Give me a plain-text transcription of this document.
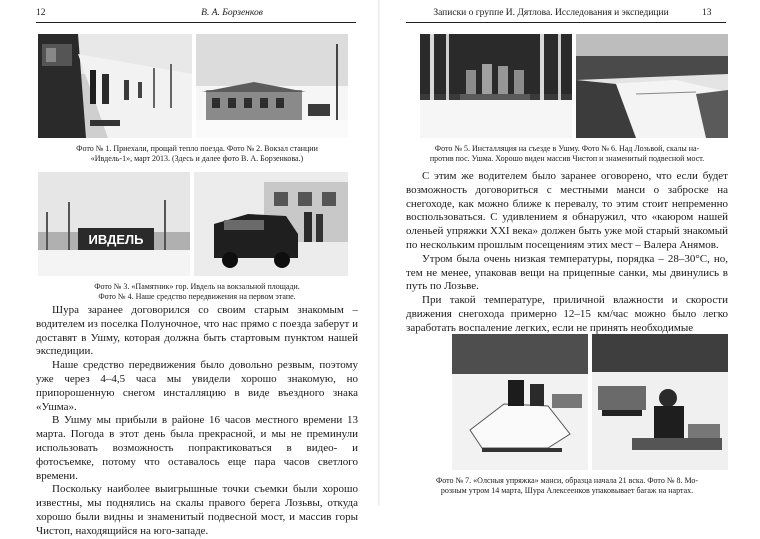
12	В. А. Борзенков
Фото № 1. Приехали, прощай тепло поезда. Фото № 2. Вокзал станции
«Ивдель-1», март 2013. (Здесь и далее фото В. А. Борзенкова.)
ИВДЕЛЬ
Фото № 3. «Памятник» гор. Ивдель на вокзальной площади.
Фото № 4. Наше средство передвижения на первом этапе.

Шура заранее договорился со своим старым знакомым – водителем из поселка Полуночное, что нас прямо с поезда заберут и доставят в Ушму, которая должна быть стартовым пунктом нашей экспедиции.

Наше средство передвижения было довольно резвым, поэтому уже через 4–4,5 часа мы увидели хорошо знакомую, но припорошенную снегом инсталляцию в виде въездного знака «Ушма».

В Ушму мы прибыли в районе 16 часов местного времени 13 марта. Погода в этот день была прекрасной, и мы не преминули использовать возможность попрактиковаться в видео- и фотосъемке, потому что оставалось еще пара часов светлого времени.

Поскольку наиболее выигрышные точки съемки были хорошо известны, мы поднялись на скалы правого берега Лозьвы, откуда хорошо были видны и знаменитый подвесной мост, и массив горы Чистоп, находящийся на юго-западе.

Записки о группе И. Дятлова. Исследования и экспедиции	13
Фото № 5. Инсталляция на съезде в Ушму. Фото № 6. Над Лозьвой, скалы на-
против пос. Ушма. Хорошо виден массив Чистоп и знаменитый подвесной мост.

С этим же водителем было заранее оговорено, что если будет возможность договориться с местными манси о заброске на снегоходе, как можно ближе к перевалу, то этим стоит непременно воспользоваться. С удивлением я обнаружил, что «каюром нашей оленьей упряжки XXI века» должен быть уже мой старый знакомый по нескольким прошлым посещениям этих мест – Валера Анямов.

Утром была очень низкая температуры, порядка – 28–30°С, но, тем не менее, упаковав вещи на прицепные санки, мы двинулись в путь по Лозьве.

При такой температуре, приличной влажности и скорости движения снегохода примерно 12–15 км/час можно было легко заработать воспаление легких, если не принять необходимые

Фото № 7. «Олсныя упряжка» манси, образца начала 21 вска. Фото № 8. Мо-
розным утром 14 марта, Шура Алексеенков упаковывает багаж на нартах.
